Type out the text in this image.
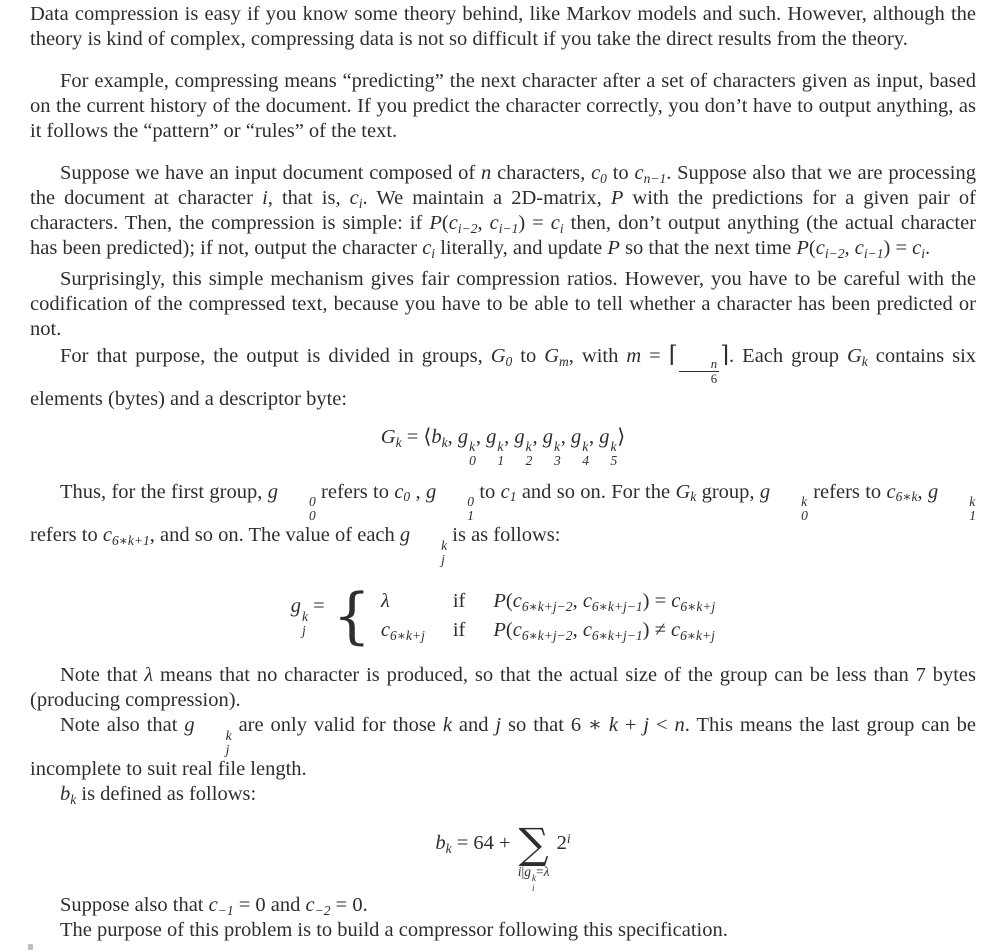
Data compression is easy if you know some theory behind, like Markov models and such. However, although the theory is kind of complex, compressing data is not so difficult if you take the direct results from the theory.

For example, compressing means “predicting” the next character after a set of characters given as input, based on the current history of the document. If you predict the character correctly, you don’t have to output anything, as it follows the “pattern” or “rules” of the text.

Suppose we have an input document composed of n characters, $c_0$ to $c_{n-1}$. Suppose also that we are processing the document at character i, that is, $c_i$. We maintain a 2D-matrix, P with the predictions for a given pair of characters. Then, the compression is simple: if $P(c_{i-2}$, $c_{i-1}) = c_i$ then, don’t output anything (the actual character has been predicted); if not, output the character $c_i$ literally, and update P so that the next time $P(c_{i-2}$, $c_{i-1}) = c_i$.

Surprisingly, this simple mechanism gives fair compression ratios. However, you have to be careful with the codification of the compressed text, because you have to be able to tell whether a character has been predicted or not.

For that purpose, the output is divided in groups, $G_0$ to $G_m$, with m = ⌈
$\frac{n}{6}$
⌉. Each group $G_k$ contains six elements (bytes) and a descriptor byte:

$G_k$ = $⟨b_k$, g k
0
, g k
1
, g k
2
, g k
3
, g k
4
, g k
5
⟩

Thus, for the first group, g	0
0
refers to $c_0$ , g	0
1
to $c_1$ and so on. For the $G_k$ group, g	k
0
refers to $c_{6∗k}$, g	k
1
refers to $c_{6∗k+1}$, and so on. The value of each g	k
j
is as follows:

g k
j
= { λ	if $P(c_{6∗k+j-2}$, $c_{6∗k+j-1}) = c_{6∗k+j}$
$c_{6∗k+j}$ if $P(c_{6∗k+j-2}$, $c_{6∗k+j-1}) \ne c_{6∗k+j}$

Note that λ means that no character is produced, so that the actual size of the group can be less than 7 bytes (producing compression).

Note also that g	k
j
are only valid for those k and j so that 6 ∗ k + j < n. This means the last group can be incomplete to suit real file length.

$b_k$ is defined as follows:

$b_k = 64$ + ∑
i|g k
i
=λ
2$^i$

Suppose also that $c_{-1} = 0$ and $c_{-2} = 0$.

The purpose of this problem is to build a compressor following this specification.
